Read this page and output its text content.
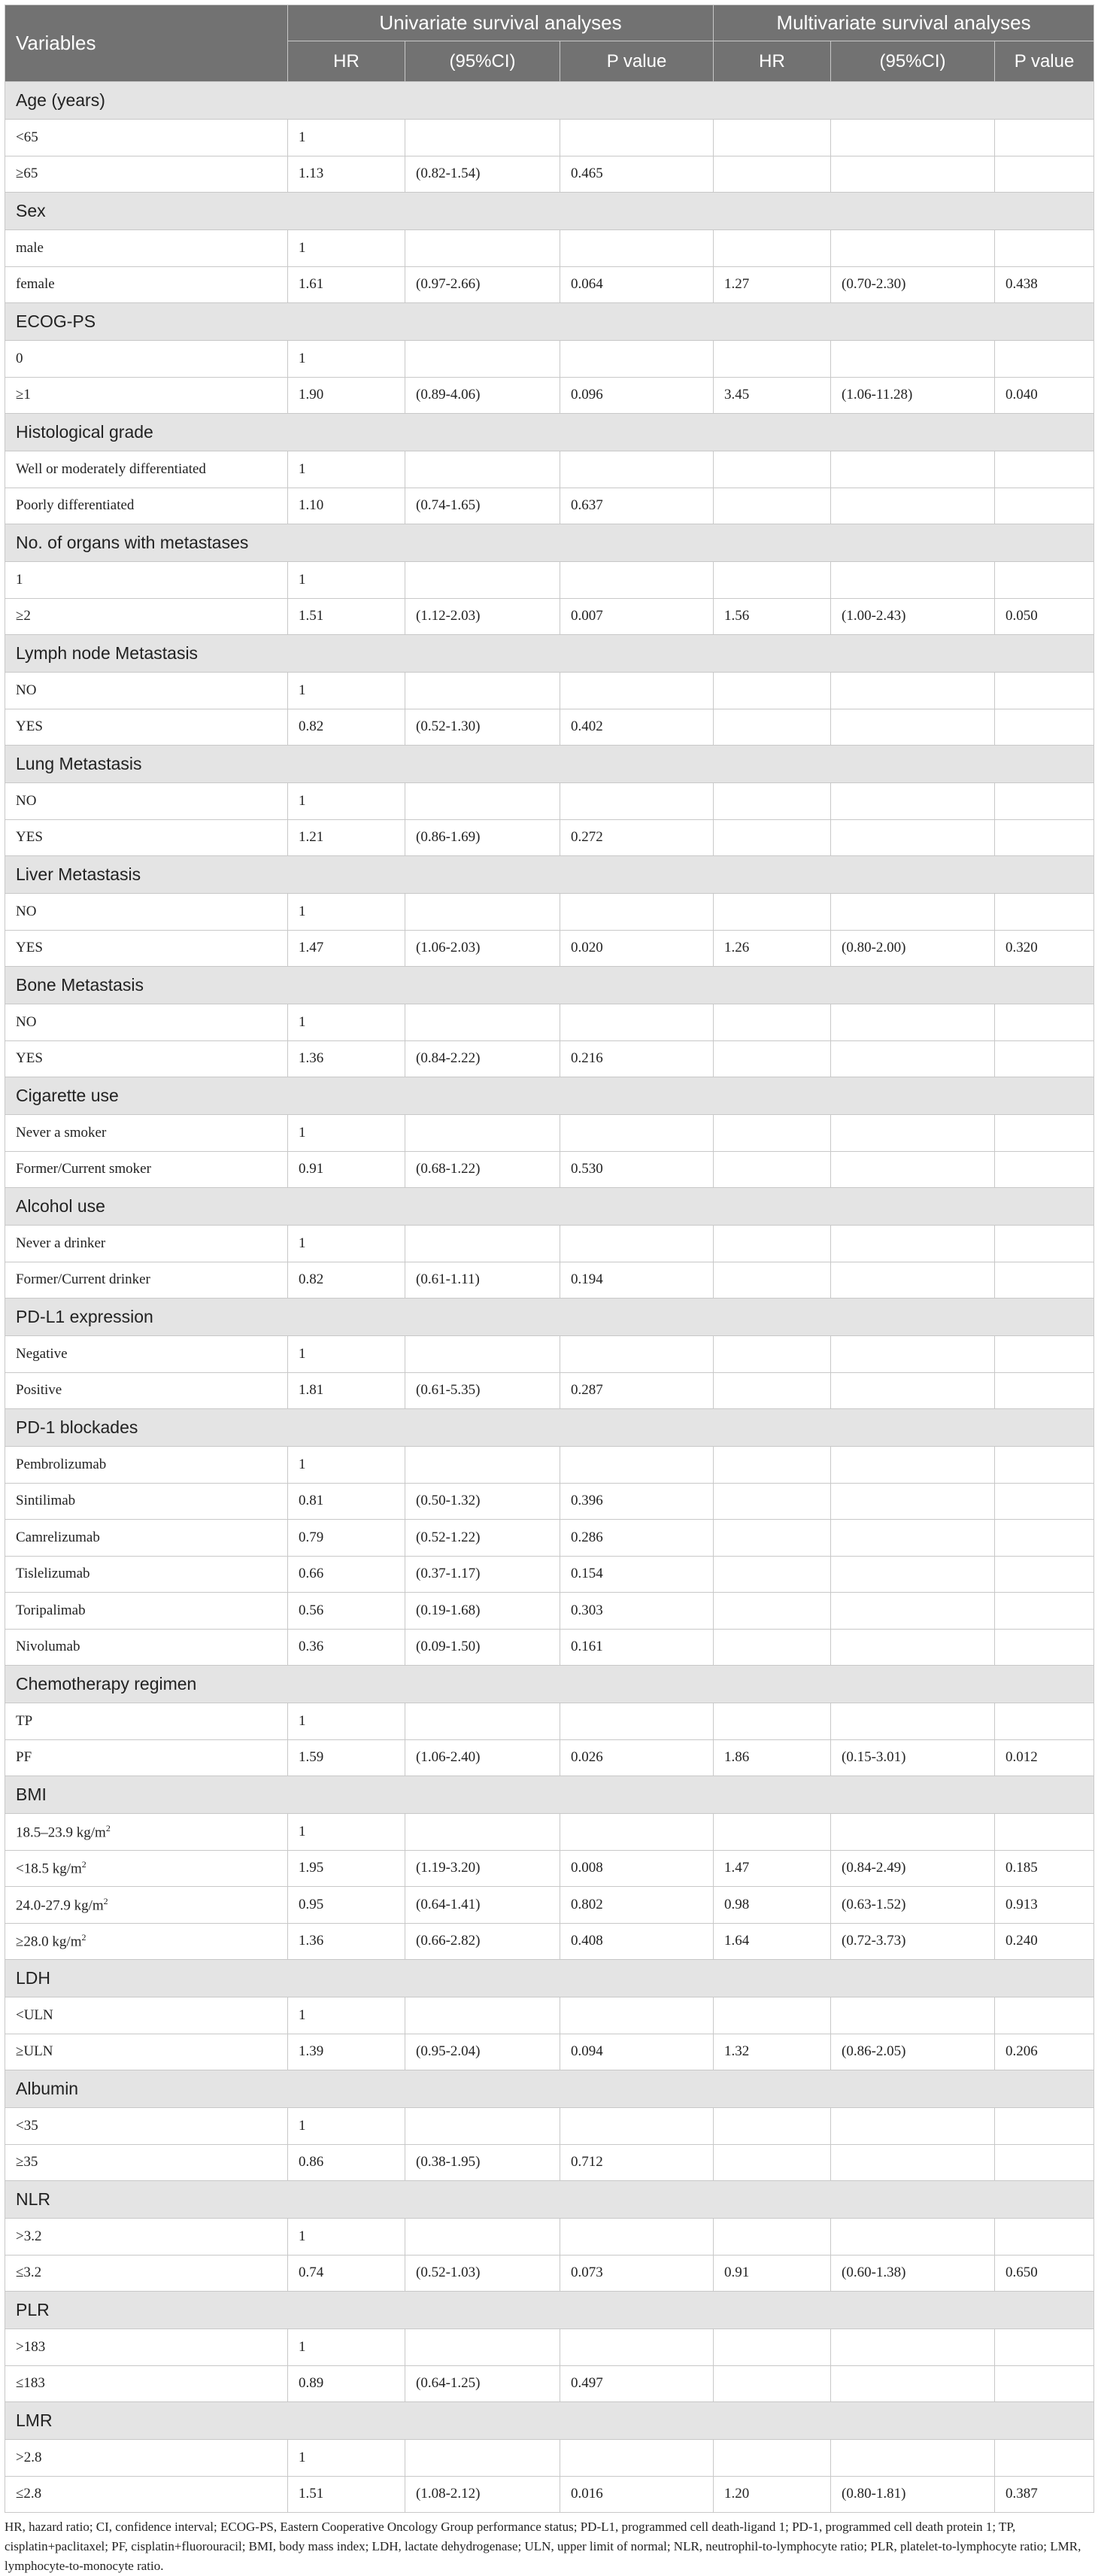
Variables	Univariate survival analyses			Multivariate survival analyses		
	HR	(95%CI)	P value	HR	(95%CI)	P value
Age (years)						
<65	1					
≥65	1.13	(0.82-1.54)	0.465			
Sex						
male	1					
female	1.61	(0.97-2.66)	0.064	1.27	(0.70-2.30)	0.438
ECOG-PS						
0	1					
≥1	1.90	(0.89-4.06)	0.096	3.45	(1.06-11.28)	0.040
Histological grade						
Well or moderately differentiated	1					
Poorly differentiated	1.10	(0.74-1.65)	0.637			
No. of organs with metastases						
1	1					
≥2	1.51	(1.12-2.03)	0.007	1.56	(1.00-2.43)	0.050
Lymph node Metastasis						
NO	1					
YES	0.82	(0.52-1.30)	0.402			
Lung Metastasis						
NO	1					
YES	1.21	(0.86-1.69)	0.272			
Liver Metastasis						
NO	1					
YES	1.47	(1.06-2.03)	0.020	1.26	(0.80-2.00)	0.320
Bone Metastasis						
NO	1					
YES	1.36	(0.84-2.22)	0.216			
Cigarette use						
Never a smoker	1					
Former/Current smoker	0.91	(0.68-1.22)	0.530			
Alcohol use						
Never a drinker	1					
Former/Current drinker	0.82	(0.61-1.11)	0.194			
PD-L1 expression						
Negative	1					
Positive	1.81	(0.61-5.35)	0.287			
PD-1 blockades						
Pembrolizumab	1					
Sintilimab	0.81	(0.50-1.32)	0.396			
Camrelizumab	0.79	(0.52-1.22)	0.286			
Tislelizumab	0.66	(0.37-1.17)	0.154			
Toripalimab	0.56	(0.19-1.68)	0.303			
Nivolumab	0.36	(0.09-1.50)	0.161			
Chemotherapy regimen						
TP	1					
PF	1.59	(1.06-2.40)	0.026	1.86	(0.15-3.01)	0.012
BMI						
18.5–23.9 $kg/m^2$	1					
<18.5 $kg/m^2$	1.95	(1.19-3.20)	0.008	1.47	(0.84-2.49)	0.185
24.0-27.9 $kg/m^2$	0.95	(0.64-1.41)	0.802	0.98	(0.63-1.52)	0.913
≥28.0 $kg/m^2$	1.36	(0.66-2.82)	0.408	1.64	(0.72-3.73)	0.240
LDH						
<ULN	1					
≥ULN	1.39	(0.95-2.04)	0.094	1.32	(0.86-2.05)	0.206
Albumin						
<35	1					
≥35	0.86	(0.38-1.95)	0.712			
NLR						
>3.2	1					
≤3.2	0.74	(0.52-1.03)	0.073	0.91	(0.60-1.38)	0.650
PLR						
>183	1					
≤183	0.89	(0.64-1.25)	0.497			
LMR						
>2.8	1					
≤2.8	1.51	(1.08-2.12)	0.016	1.20	(0.80-1.81)	0.387

HR, hazard ratio; CI, confidence interval; ECOG-PS, Eastern Cooperative Oncology Group performance status; PD-L1, programmed cell death-ligand 1; PD-1, programmed cell death protein 1; TP, cisplatin+paclitaxel; PF, cisplatin+fluorouracil; BMI, body mass index; LDH, lactate dehydrogenase; ULN, upper limit of normal; NLR, neutrophil-to-lymphocyte ratio; PLR, platelet-to-lymphocyte ratio; LMR, lymphocyte-to-monocyte ratio.
